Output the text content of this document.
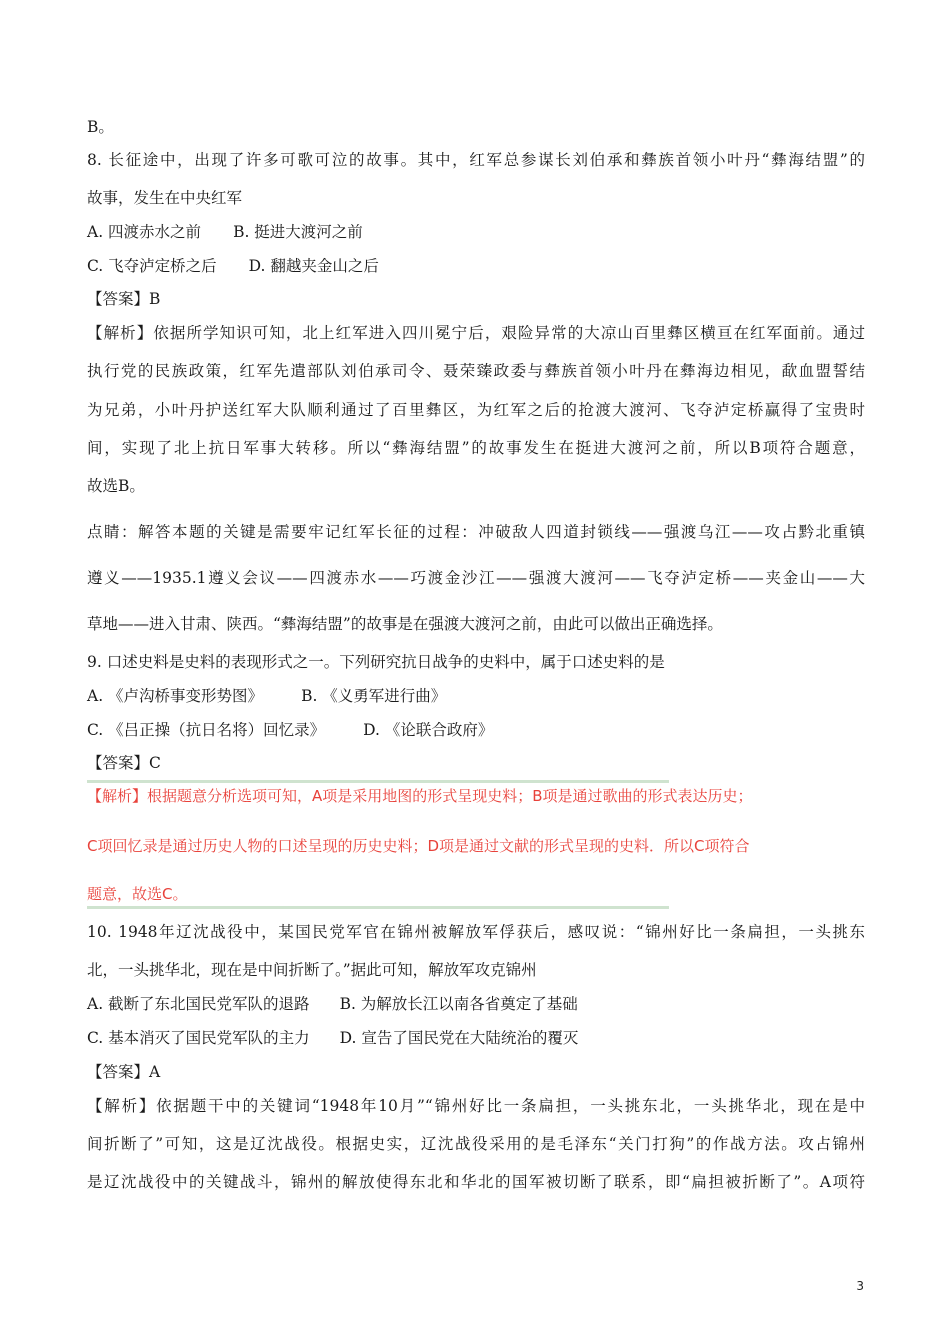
B。
8. 长征途中，出现了许多可歌可泣的故事。其中，红军总参谋长刘伯承和彝族首领小叶丹“彝海结盟”的
故事，发生在中央红军
A. 四渡赤水之前 B. 挺进大渡河之前
C. 飞夺泸定桥之后 D. 翻越夹金山之后
【答案】B
【解析】依据所学知识可知，北上红军进入四川冕宁后，艰险异常的大凉山百里彝区横亘在红军面前。通过
执行党的民族政策，红军先遣部队刘伯承司令、聂荣臻政委与彝族首领小叶丹在彝海边相见，歃血盟誓结
为兄弟，小叶丹护送红军大队顺利通过了百里彝区，为红军之后的抢渡大渡河、飞夺泸定桥赢得了宝贵时
间，实现了北上抗日军事大转移。所以“彝海结盟”的故事发生在挺进大渡河之前，所以B项符合题意，
故选B。
点睛：解答本题的关键是需要牢记红军长征的过程：冲破敌人四道封锁线——强渡乌江——攻占黔北重镇
遵义——1935.1遵义会议——四渡赤水——巧渡金沙江——强渡大渡河——飞夺泸定桥——夹金山——大
草地——进入甘肃、陕西。“彝海结盟”的故事是在强渡大渡河之前，由此可以做出正确选择。
9. 口述史料是史料的表现形式之一。下列研究抗日战争的史料中，属于口述史料的是
A. 《卢沟桥事变形势图》 B. 《义勇军进行曲》
C. 《吕正操（抗日名将）回忆录》 D. 《论联合政府》
【答案】C
【解析】根据题意分析选项可知，A项是采用地图的形式呈现史料；B项是通过歌曲的形式表达历史；
C项回忆录是通过历史人物的口述呈现的历史史料；D项是通过文献的形式呈现的史料．所以C项符合
题意，故选C。
10. 1948年辽沈战役中，某国民党军官在锦州被解放军俘获后，感叹说：“锦州好比一条扁担，一头挑东
北，一头挑华北，现在是中间折断了。”据此可知，解放军攻克锦州
A. 截断了东北国民党军队的退路 B. 为解放长江以南各省奠定了基础
C. 基本消灭了国民党军队的主力 D. 宣告了国民党在大陆统治的覆灭
【答案】A
【解析】依据题干中的关键词“1948年10月”“锦州好比一条扁担，一头挑东北，一头挑华北，现在是中
间折断了”可知，这是辽沈战役。根据史实，辽沈战役采用的是毛泽东“关门打狗”的作战方法。攻占锦州
是辽沈战役中的关键战斗，锦州的解放使得东北和华北的国军被切断了联系，即“扁担被折断了”。A项符
3
